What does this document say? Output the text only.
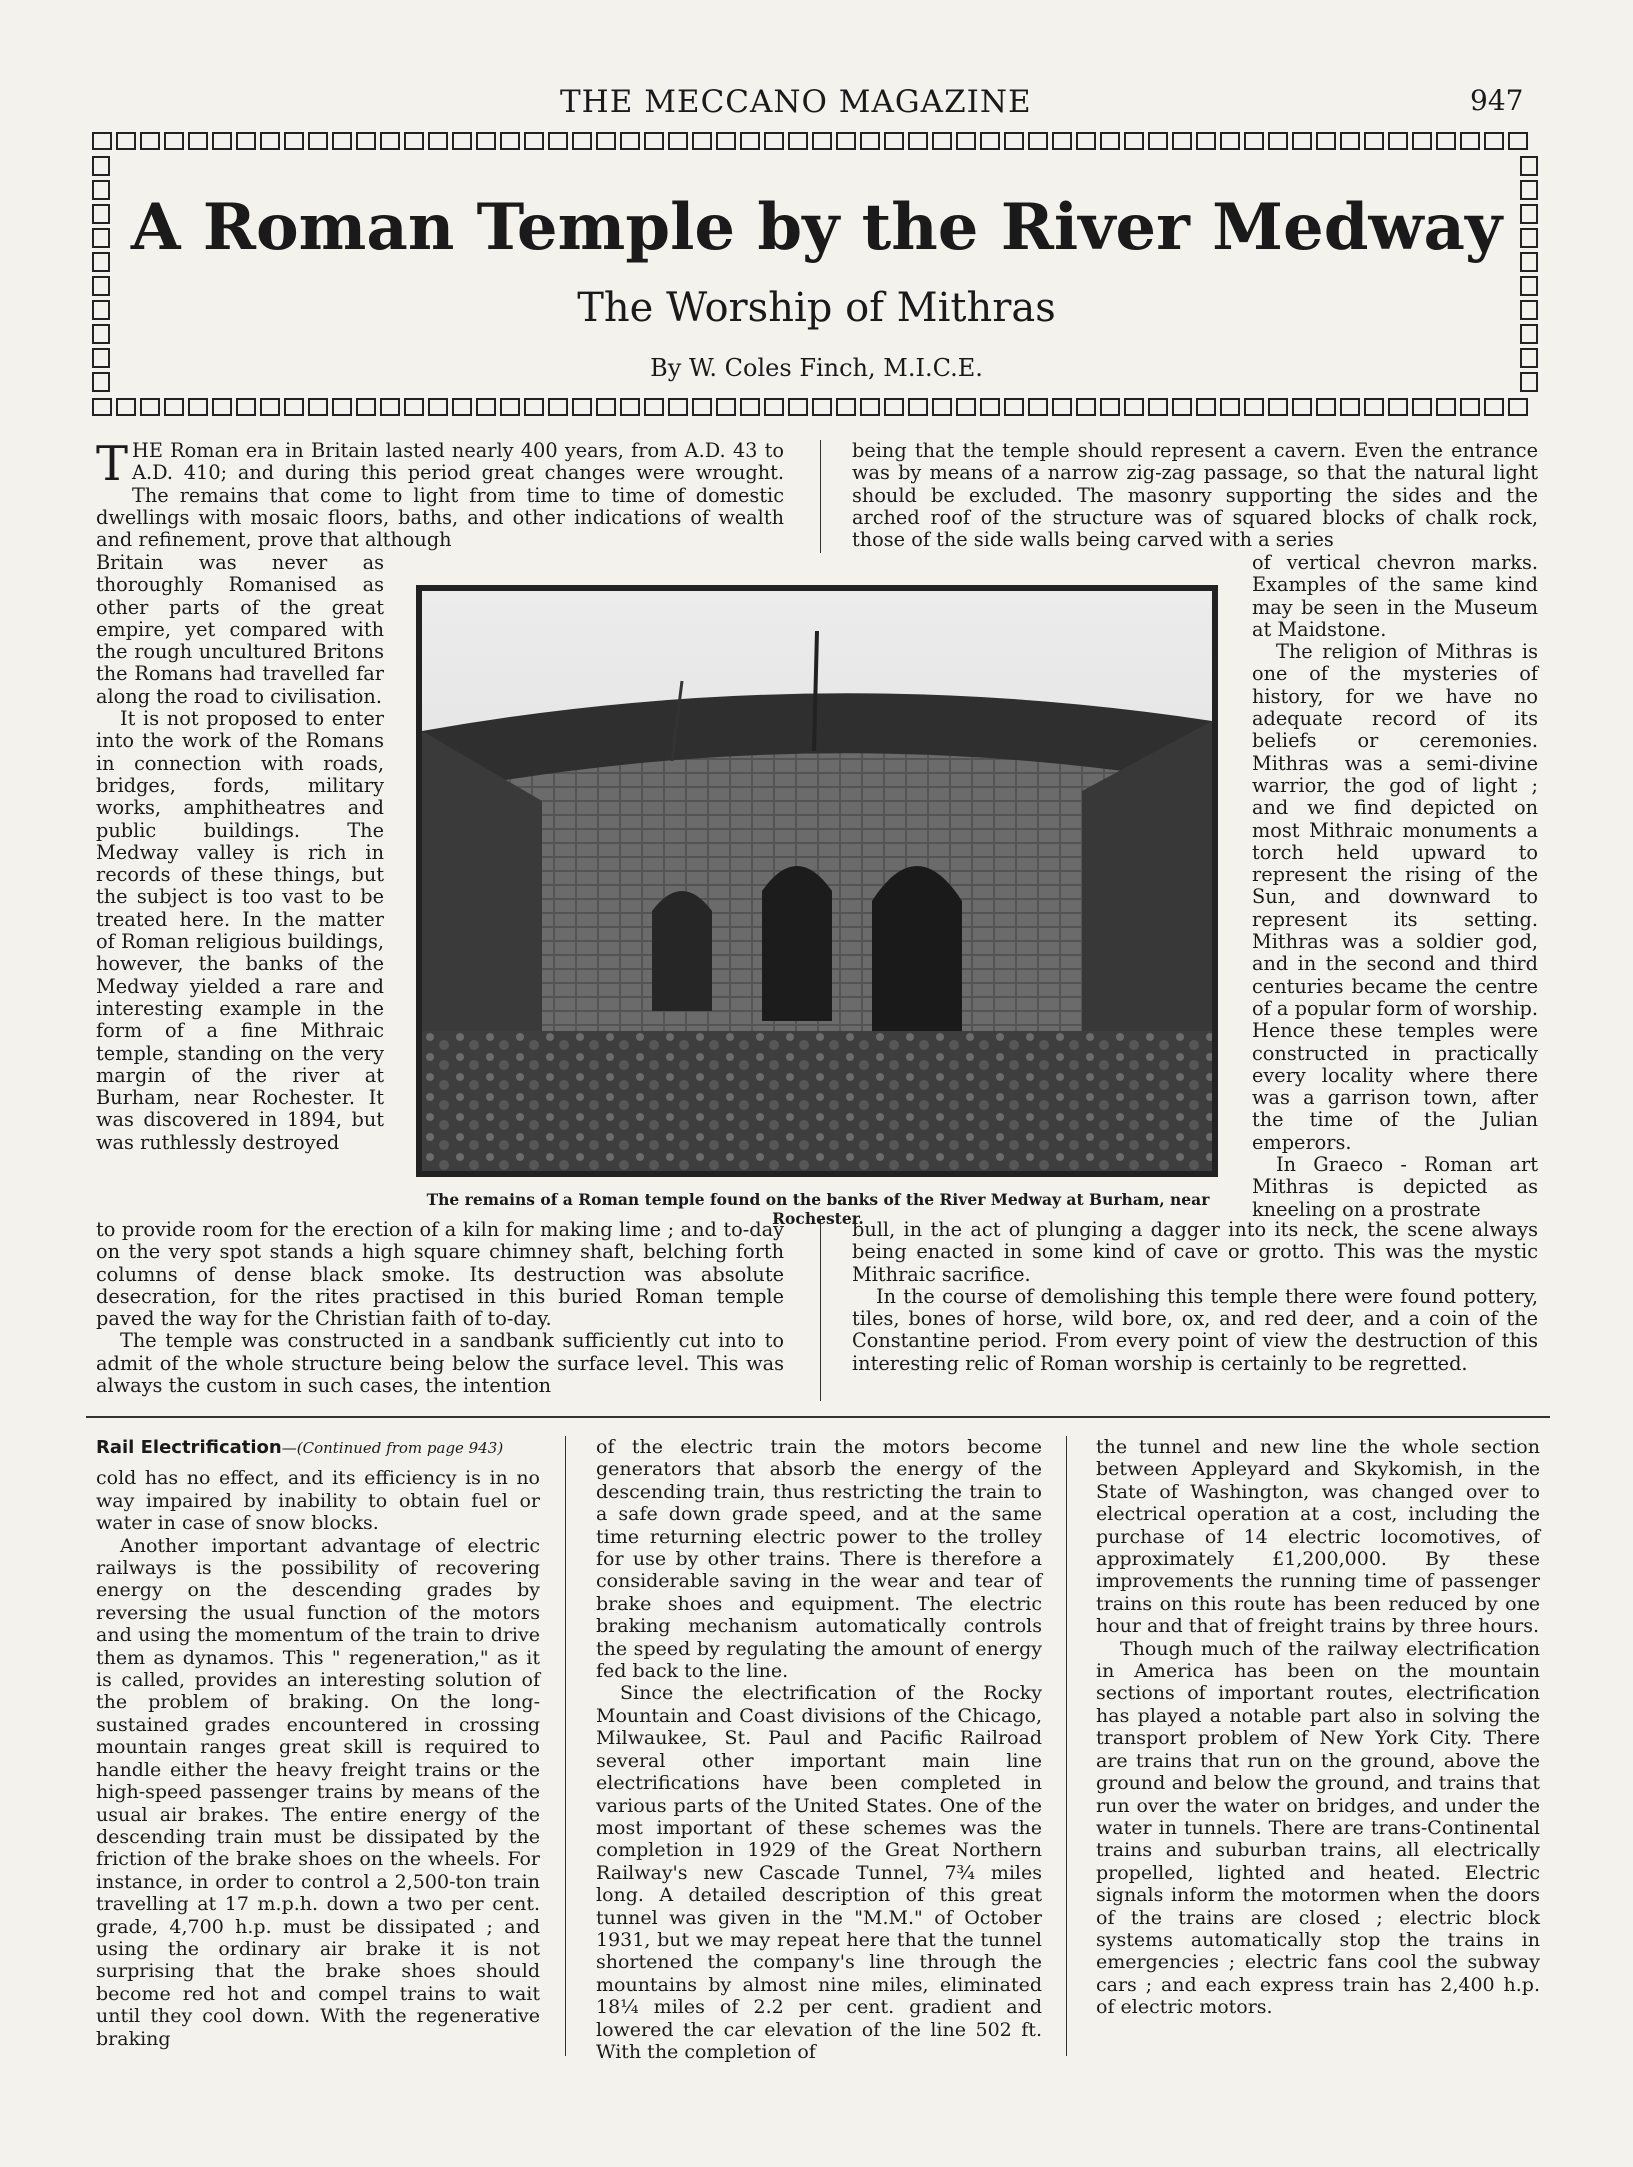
THE MECCANO MAGAZINE	947
A Roman Temple by the River Medway
The Worship of Mithras
By W. Coles Finch, M.I.C.E.

THE Roman era in Britain lasted nearly 400 years, from A.D. 43 to A.D. 410; and during this period great changes were wrought. The remains that come to light from time to time of domestic dwellings with mosaic floors, baths, and other indications of wealth and refinement, prove that although

Britain was never as thoroughly Romanised as other parts of the great empire, yet compared with the rough uncultured Britons the Romans had travelled far along the road to civilisation.

It is not proposed to enter into the work of the Romans in connection with roads, bridges, fords, military works, amphitheatres and public buildings. The Medway valley is rich in records of these things, but the subject is too vast to be treated here. In the matter of Roman religious buildings, however, the banks of the Medway yielded a rare and interesting example in the form of a fine Mithraic temple, standing on the very margin of the river at Burham, near Rochester. It was discovered in 1894, but was ruthlessly destroyed

being that the temple should represent a cavern. Even the entrance was by means of a narrow zig-zag passage, so that the natural light should be excluded. The masonry supporting the sides and the arched roof of the structure was of squared blocks of chalk rock, those of the side walls being carved with a series

of vertical chevron marks. Examples of the same kind may be seen in the Museum at Maidstone.

The religion of Mithras is one of the mysteries of history, for we have no adequate record of its beliefs or ceremonies. Mithras was a semi-divine warrior, the god of light ; and we find depicted on most Mithraic monuments a torch held upward to represent the rising of the Sun, and downward to represent its setting. Mithras was a soldier god, and in the second and third centuries became the centre of a popular form of worship. Hence these temples were constructed in practically every locality where there was a garrison town, after the time of the Julian emperors.

In Graeco - Roman art Mithras is depicted as kneeling on a prostrate

The remains of a Roman temple found on the banks of the River Medway at Burham, near Rochester.

to provide room for the erection of a kiln for making lime ; and to-day on the very spot stands a high square chimney shaft, belching forth columns of dense black smoke. Its destruction was absolute desecration, for the rites practised in this buried Roman temple paved the way for the Christian faith of to-day.

The temple was constructed in a sandbank sufficiently cut into to admit of the whole structure being below the surface level. This was always the custom in such cases, the intention

bull, in the act of plunging a dagger into its neck, the scene always being enacted in some kind of cave or grotto. This was the mystic Mithraic sacrifice.

In the course of demolishing this temple there were found pottery, tiles, bones of horse, wild bore, ox, and red deer, and a coin of the Constantine period. From every point of view the destruction of this interesting relic of Roman worship is certainly to be regretted.

Rail Electrification—(Continued from page 943)

cold has no effect, and its efficiency is in no way impaired by inability to obtain fuel or water in case of snow blocks.

Another important advantage of electric railways is the possibility of recovering energy on the descending grades by reversing the usual function of the motors and using the momentum of the train to drive them as dynamos. This " regeneration," as it is called, provides an interesting solution of the problem of braking. On the long-sustained grades encountered in crossing mountain ranges great skill is required to handle either the heavy freight trains or the high-speed passenger trains by means of the usual air brakes. The entire energy of the descending train must be dissipated by the friction of the brake shoes on the wheels. For instance, in order to control a 2,500-ton train travelling at 17 m.p.h. down a two per cent. grade, 4,700 h.p. must be dissipated ; and using the ordinary air brake it is not surprising that the brake shoes should become red hot and compel trains to wait until they cool down. With the regenerative braking

of the electric train the motors become generators that absorb the energy of the descending train, thus restricting the train to a safe down grade speed, and at the same time returning electric power to the trolley for use by other trains. There is therefore a considerable saving in the wear and tear of brake shoes and equipment. The electric braking mechanism automatically controls the speed by regulating the amount of energy fed back to the line.

Since the electrification of the Rocky Mountain and Coast divisions of the Chicago, Milwaukee, St. Paul and Pacific Railroad several other important main line electrifications have been completed in various parts of the United States. One of the most important of these schemes was the completion in 1929 of the Great Northern Railway's new Cascade Tunnel, 7¾ miles long. A detailed description of this great tunnel was given in the "M.M." of October 1931, but we may repeat here that the tunnel shortened the company's line through the mountains by almost nine miles, eliminated 18¼ miles of 2.2 per cent. gradient and lowered the car elevation of the line 502 ft. With the completion of

the tunnel and new line the whole section between Appleyard and Skykomish, in the State of Washington, was changed over to electrical operation at a cost, including the purchase of 14 electric locomotives, of approximately £1,200,000. By these improvements the running time of passenger trains on this route has been reduced by one hour and that of freight trains by three hours.

Though much of the railway electrification in America has been on the mountain sections of important routes, electrification has played a notable part also in solving the transport problem of New York City. There are trains that run on the ground, above the ground and below the ground, and trains that run over the water on bridges, and under the water in tunnels. There are trans-Continental trains and suburban trains, all electrically propelled, lighted and heated. Electric signals inform the motormen when the doors of the trains are closed ; electric block systems automatically stop the trains in emergencies ; electric fans cool the subway cars ; and each express train has 2,400 h.p. of electric motors.
